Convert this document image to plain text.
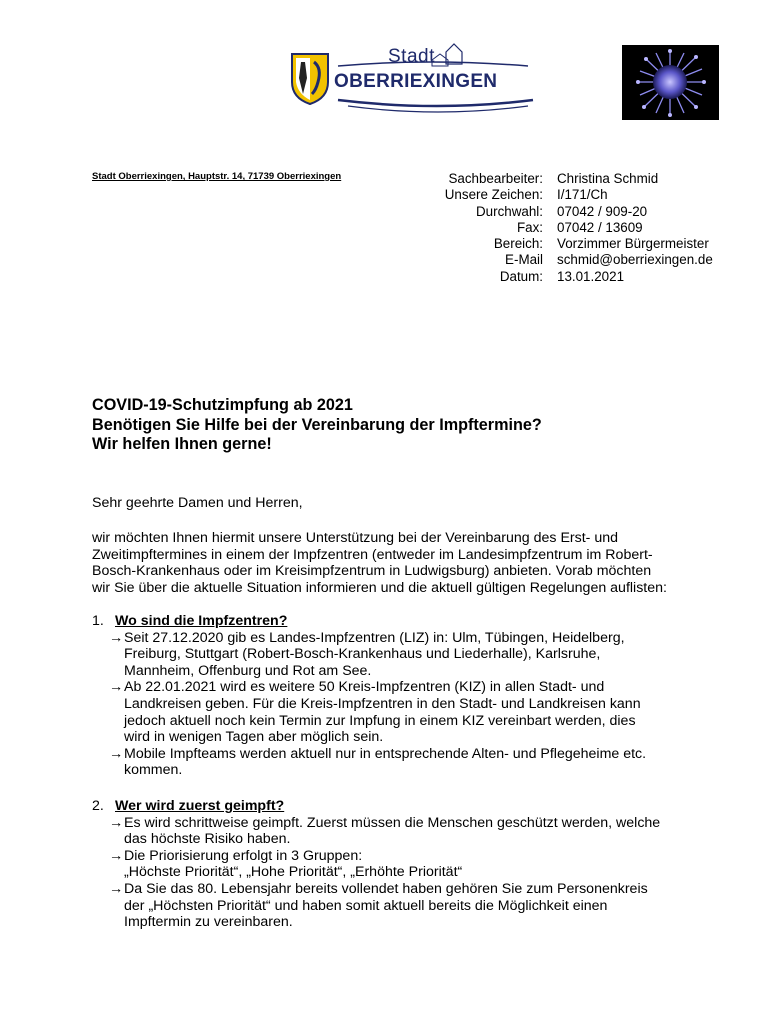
Stadt
OBERRIEXINGEN
Stadt Oberriexingen, Hauptstr. 14, 71739 Oberriexingen	Sachbearbeiter:	Christina Schmid
Unsere Zeichen:	I/171/Ch
Durchwahl:	07042 / 909-20
Fax:	07042 / 13609
Bereich:	Vorzimmer Bürgermeister
E-Mail	schmid@oberriexingen.de
Datum:	13.01.2021
COVID-19-Schutzimpfung ab 2021
Benötigen Sie Hilfe bei der Vereinbarung der Impftermine?
Wir helfen Ihnen gerne!
Sehr geehrte Damen und Herren,
wir möchten Ihnen hiermit unsere Unterstützung bei der Vereinbarung des Erst- und
Zweitimpftermines in einem der Impfzentren (entweder im Landesimpfzentrum im Robert-
Bosch-Krankenhaus oder im Kreisimpfzentrum in Ludwigsburg) anbieten. Vorab möchten
wir Sie über die aktuelle Situation informieren und die aktuell gültigen Regelungen auflisten:
1. Wo sind die Impfzentren?
→ Seit 27.12.2020 gib es Landes-Impfzentren (LIZ) in: Ulm, Tübingen, Heidelberg,
Freiburg, Stuttgart (Robert-Bosch-Krankenhaus und Liederhalle), Karlsruhe,
Mannheim, Offenburg und Rot am See.
→ Ab 22.01.2021 wird es weitere 50 Kreis-Impfzentren (KIZ) in allen Stadt- und
Landkreisen geben. Für die Kreis-Impfzentren in den Stadt- und Landkreisen kann
jedoch aktuell noch kein Termin zur Impfung in einem KIZ vereinbart werden, dies
wird in wenigen Tagen aber möglich sein.
→ Mobile Impfteams werden aktuell nur in entsprechende Alten- und Pflegeheime etc.
kommen.
2. Wer wird zuerst geimpft?
→ Es wird schrittweise geimpft. Zuerst müssen die Menschen geschützt werden, welche
das höchste Risiko haben.
→ Die Priorisierung erfolgt in 3 Gruppen:
„Höchste Priorität“, „Hohe Priorität“, „Erhöhte Priorität“
→ Da Sie das 80. Lebensjahr bereits vollendet haben gehören Sie zum Personenkreis
der „Höchsten Priorität“ und haben somit aktuell bereits die Möglichkeit einen
Impftermin zu vereinbaren.
